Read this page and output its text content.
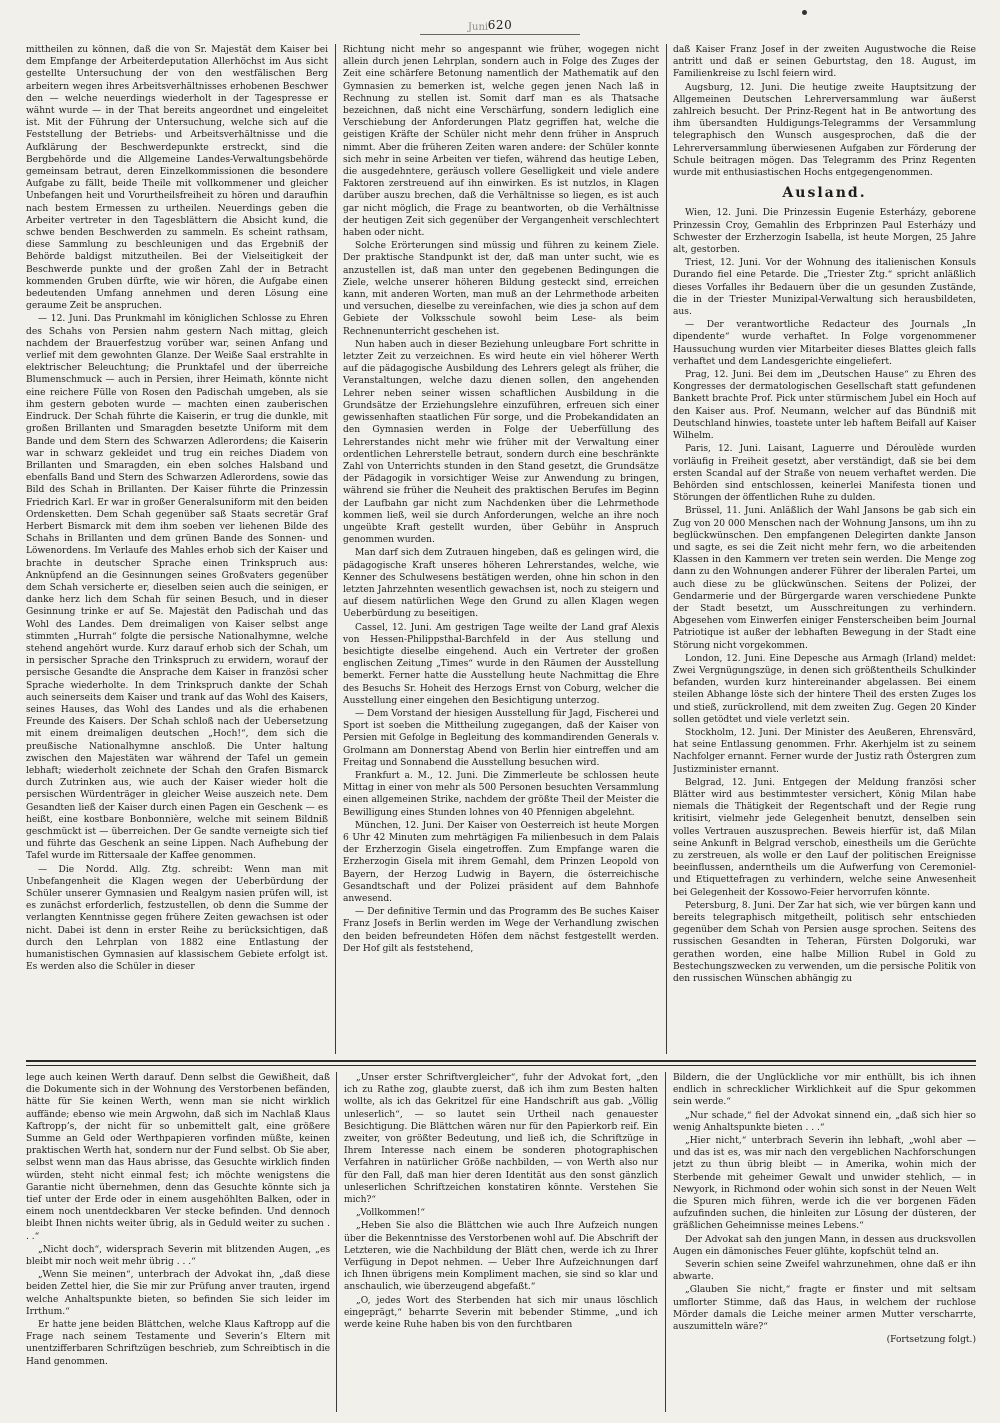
Juni 620

mittheilen zu können, daß die von Sr. Majestät dem Kaiser bei dem Empfange der Arbeiterdeputation Allerhöchst im Aus sicht gestellte Untersuchung der von den westfälischen Berg arbeitern wegen ihres Arbeitsverhältnisses erhobenen Beschwer den — welche neuerdings wiederholt in der Tagespresse er wähnt wurde — in der That bereits angeordnet und eingeleitet ist. Mit der Führung der Untersuchung, welche sich auf die Feststellung der Betriebs- und Arbeitsverhältnisse und die Aufklärung der Beschwerdepunkte erstreckt, sind die Bergbehörde und die Allgemeine Landes-Verwaltungsbehörde gemeinsam betraut, deren Einzelkommissionen die besondere Aufgabe zu fällt, beide Theile mit vollkommener und gleicher Unbefangen heit und Vorurtheilsfreiheit zu hören und daraufhin nach bestem Ermessen zu urtheilen. Neuerdings geben die Arbeiter vertreter in den Tagesblättern die Absicht kund, die schwe benden Beschwerden zu sammeln. Es scheint rathsam, diese Sammlung zu beschleunigen und das Ergebniß der Behörde baldigst mitzutheilen. Bei der Vielseitigkeit der Beschwerde punkte und der großen Zahl der in Betracht kommenden Gruben dürfte, wie wir hören, die Aufgabe einen bedeutenden Umfang annehmen und deren Lösung eine geraume Zeit be anspruchen.

— 12. Juni. Das Prunkmahl im königlichen Schlosse zu Ehren des Schahs von Persien nahm gestern Nach mittag, gleich nachdem der Brauerfestzug vorüber war, seinen Anfang und verlief mit dem gewohnten Glanze. Der Weiße Saal erstrahlte in elektrischer Beleuchtung; die Prunktafel und der überreiche Blumenschmuck — auch in Persien, ihrer Heimath, könnte nicht eine reichere Fülle von Rosen den Padischah umgeben, als sie ihm gestern geboten wurde — machten einen zauberischen Eindruck. Der Schah führte die Kaiserin, er trug die dunkle, mit großen Brillanten und Smaragden besetzte Uniform mit dem Bande und dem Stern des Schwarzen Adlerordens; die Kaiserin war in schwarz gekleidet und trug ein reiches Diadem von Brillanten und Smaragden, ein eben solches Halsband und ebenfalls Band und Stern des Schwarzen Adlerordens, sowie das Bild des Schah in Brillanten. Der Kaiser führte die Prinzessin Friedrich Karl. Er war in großer Generalsuniform mit den beiden Ordensketten. Dem Schah gegenüber saß Staats secretär Graf Herbert Bismarck mit dem ihm soeben ver liehenen Bilde des Schahs in Brillanten und dem grünen Bande des Sonnen- und Löwenordens. Im Verlaufe des Mahles erhob sich der Kaiser und brachte in deutscher Sprache einen Trinkspruch aus: Anknüpfend an die Gesinnungen seines Großvaters gegenüber dem Schah versicherte er, dieselben seien auch die seinigen, er danke herz lich dem Schah für seinen Besuch, und in dieser Gesinnung trinke er auf Se. Majestät den Padischah und das Wohl des Landes. Dem dreimaligen von Kaiser selbst ange stimmten „Hurrah“ folgte die persische Nationalhymne, welche stehend angehört wurde. Kurz darauf erhob sich der Schah, um in persischer Sprache den Trinkspruch zu erwidern, worauf der persische Gesandte die Ansprache dem Kaiser in französi scher Sprache wiederholte. In dem Trinkspruch dankte der Schah auch seinerseits dem Kaiser und trank auf das Wohl des Kaisers, seines Hauses, das Wohl des Landes und als die erhabenen Freunde des Kaisers. Der Schah schloß nach der Uebersetzung mit einem dreimaligen deutschen „Hoch!“, dem sich die preußische Nationalhymne anschloß. Die Unter haltung zwischen den Majestäten war während der Tafel un gemein lebhaft; wiederholt zeichnete der Schah den Grafen Bismarck durch Zutrinken aus, wie auch der Kaiser wieder holt die persischen Würdenträger in gleicher Weise auszeich nete. Dem Gesandten ließ der Kaiser durch einen Pagen ein Geschenk — es heißt, eine kostbare Bonbonnière, welche mit seinem Bildniß geschmückt ist — überreichen. Der Ge sandte verneigte sich tief und führte das Geschenk an seine Lippen. Nach Aufhebung der Tafel wurde im Rittersaale der Kaffee genommen.

— Die Nordd. Allg. Ztg. schreibt: Wenn man mit Unbefangenheit die Klagen wegen der Ueberbürdung der Schüler unserer Gymnasien und Realgym nasien prüfen will, ist es zunächst erforderlich, festzustellen, ob denn die Summe der verlangten Kenntnisse gegen frühere Zeiten gewachsen ist oder nicht. Dabei ist denn in erster Reihe zu berücksichtigen, daß durch den Lehrplan von 1882 eine Entlastung der humanistischen Gymnasien auf klassischem Gebiete erfolgt ist. Es werden also die Schüler in dieser

Richtung nicht mehr so angespannt wie früher, wogegen nicht allein durch jenen Lehrplan, sondern auch in Folge des Zuges der Zeit eine schärfere Betonung namentlich der Mathematik auf den Gymnasien zu bemerken ist, welche gegen jenen Nach laß in Rechnung zu stellen ist. Somit darf man es als Thatsache bezeichnen, daß nicht eine Verschärfung, sondern lediglich eine Verschiebung der Anforderungen Platz gegriffen hat, welche die geistigen Kräfte der Schüler nicht mehr denn früher in Anspruch nimmt. Aber die früheren Zeiten waren andere: der Schüler konnte sich mehr in seine Arbeiten ver tiefen, während das heutige Leben, die ausgedehntere, geräusch vollere Geselligkeit und viele andere Faktoren zerstreuend auf ihn einwirken. Es ist nutzlos, in Klagen darüber auszu brechen, daß die Verhältnisse so liegen, es ist auch gar nicht möglich, die Frage zu beantworten, ob die Verhältnisse der heutigen Zeit sich gegenüber der Vergangenheit verschlechtert haben oder nicht.

Solche Erörterungen sind müssig und führen zu keinem Ziele. Der praktische Standpunkt ist der, daß man unter sucht, wie es anzustellen ist, daß man unter den gegebenen Bedingungen die Ziele, welche unserer höheren Bildung gesteckt sind, erreichen kann, mit anderen Worten, man muß an der Lehrmethode arbeiten und versuchen, dieselbe zu vereinfachen, wie dies ja schon auf dem Gebiete der Volksschule sowohl beim Lese- als beim Rechnenunterricht geschehen ist.

Nun haben auch in dieser Beziehung unleugbare Fort schritte in letzter Zeit zu verzeichnen. Es wird heute ein viel höherer Werth auf die pädagogische Ausbildung des Lehrers gelegt als früher, die Veranstaltungen, welche dazu dienen sollen, den angehenden Lehrer neben seiner wissen schaftlichen Ausbildung in die Grundsätze der Erziehungslehre einzuführen, erfreuen sich einer gewissenhaften staatlichen Für sorge, und die Probekandidaten an den Gymnasien werden in Folge der Ueberfüllung des Lehrerstandes nicht mehr wie früher mit der Verwaltung einer ordentlichen Lehrerstelle betraut, sondern durch eine beschränkte Zahl von Unterrichts stunden in den Stand gesetzt, die Grundsätze der Pädagogik in vorsichtiger Weise zur Anwendung zu bringen, während sie früher die Neuheit des praktischen Berufes im Beginn der Laufbahn gar nicht zum Nachdenken über die Lehrmethode kommen ließ, weil sie durch Anforderungen, welche an ihre noch ungeübte Kraft gestellt wurden, über Gebühr in Anspruch genommen wurden.

Man darf sich dem Zutrauen hingeben, daß es gelingen wird, die pädagogische Kraft unseres höheren Lehrerstandes, welche, wie Kenner des Schulwesens bestätigen werden, ohne hin schon in den letzten Jahrzehnten wesentlich gewachsen ist, noch zu steigern und auf diesem natürlichen Wege den Grund zu allen Klagen wegen Ueberbürdung zu beseitigen.

Cassel, 12. Juni. Am gestrigen Tage weilte der Land graf Alexis von Hessen-Philippsthal-Barchfeld in der Aus stellung und besichtigte dieselbe eingehend. Auch ein Vertreter der großen englischen Zeitung „Times“ wurde in den Räumen der Ausstellung bemerkt. Ferner hatte die Ausstellung heute Nachmittag die Ehre des Besuchs Sr. Hoheit des Herzogs Ernst von Coburg, welcher die Ausstellung einer eingehen den Besichtigung unterzog.

— Dem Vorstand der hiesigen Ausstellung für Jagd, Fischerei und Sport ist soeben die Mittheilung zugegangen, daß der Kaiser von Persien mit Gefolge in Begleitung des kommandirenden Generals v. Grolmann am Donnerstag Abend von Berlin hier eintreffen und am Freitag und Sonnabend die Ausstellung besuchen wird.

Frankfurt a. M., 12. Juni. Die Zimmerleute be schlossen heute Mittag in einer von mehr als 500 Personen besuchten Versammlung einen allgemeinen Strike, nachdem der größte Theil der Meister die Bewilligung eines Stunden lohnes von 40 Pfennigen abgelehnt.

München, 12. Juni. Der Kaiser von Oesterreich ist heute Morgen 6 Uhr 42 Minuten zum mehrtägigen Fa milienbesuch in dem Palais der Erzherzogin Gisela eingetroffen. Zum Empfange waren die Erzherzogin Gisela mit ihrem Gemahl, dem Prinzen Leopold von Bayern, der Herzog Ludwig in Bayern, die österreichische Gesandtschaft und der Polizei präsident auf dem Bahnhofe anwesend.

— Der definitive Termin und das Programm des Be suches Kaiser Franz Josefs in Berlin werden im Wege der Verhandlung zwischen den beiden befreundeten Höfen dem nächst festgestellt werden. Der Hof gilt als feststehend,

daß Kaiser Franz Josef in der zweiten Augustwoche die Reise antritt und daß er seinen Geburtstag, den 18. August, im Familienkreise zu Ischl feiern wird.

Augsburg, 12. Juni. Die heutige zweite Hauptsitzung der Allgemeinen Deutschen Lehrerversammlung war äußerst zahlreich besucht. Der Prinz-Regent hat in Be antwortung des ihm übersandten Huldigungs-Telegramms der Versammlung telegraphisch den Wunsch ausgesprochen, daß die der Lehrerversammlung überwiesenen Aufgaben zur Förderung der Schule beitragen mögen. Das Telegramm des Prinz Regenten wurde mit enthusiastischen Hochs entgegengenommen.

Ausland.

Wien, 12. Juni. Die Prinzessin Eugenie Esterházy, geborene Prinzessin Croy, Gemahlin des Erbprinzen Paul Esterházy und Schwester der Erzherzogin Isabella, ist heute Morgen, 25 Jahre alt, gestorben.

Triest, 12. Juni. Vor der Wohnung des italienischen Konsuls Durando fiel eine Petarde. Die „Triester Ztg.“ spricht anläßlich dieses Vorfalles ihr Bedauern über die un gesunden Zustände, die in der Triester Munizipal-Verwaltung sich herausbildeten, aus.

— Der verantwortliche Redacteur des Journals „In dipendente“ wurde verhaftet. In Folge vorgenommener Haussuchung wurden vier Mitarbeiter dieses Blattes gleich falls verhaftet und dem Landesgerichte eingeliefert.

Prag, 12. Juni. Bei dem im „Deutschen Hause“ zu Ehren des Kongresses der dermatologischen Gesellschaft statt gefundenen Bankett brachte Prof. Pick unter stürmischem Jubel ein Hoch auf den Kaiser aus. Prof. Neumann, welcher auf das Bündniß mit Deutschland hinwies, toastete unter leb haftem Beifall auf Kaiser Wilhelm.

Paris, 12. Juni. Laisant, Laguerre und Déroulède wurden vorläufig in Freiheit gesetzt, aber verständigt, daß sie bei dem ersten Scandal auf der Straße von neuem verhaftet werden. Die Behörden sind entschlossen, keinerlei Manifesta tionen und Störungen der öffentlichen Ruhe zu dulden.

Brüssel, 11. Juni. Anläßlich der Wahl Jansons be gab sich ein Zug von 20 000 Menschen nach der Wohnung Jansons, um ihn zu beglückwünschen. Den empfangenen Delegirten dankte Janson und sagte, es sei die Zeit nicht mehr fern, wo die arbeitenden Klassen in den Kammern ver treten sein werden. Die Menge zog dann zu den Wohnungen anderer Führer der liberalen Partei, um auch diese zu be glückwünschen. Seitens der Polizei, der Gendarmerie und der Bürgergarde waren verschiedene Punkte der Stadt besetzt, um Ausschreitungen zu verhindern. Abgesehen vom Einwerfen einiger Fensterscheiben beim Journal Patriotique ist außer der lebhaften Bewegung in der Stadt eine Störung nicht vorgekommen.

London, 12. Juni. Eine Depesche aus Armagh (Irland) meldet: Zwei Vergnügungszüge, in denen sich größtentheils Schulkinder befanden, wurden kurz hintereinander abgelassen. Bei einem steilen Abhange löste sich der hintere Theil des ersten Zuges los und stieß, zurückrollend, mit dem zweiten Zug. Gegen 20 Kinder sollen getödtet und viele verletzt sein.

Stockholm, 12. Juni. Der Minister des Aeußeren, Ehrensvärd, hat seine Entlassung genommen. Frhr. Akerhjelm ist zu seinem Nachfolger ernannt. Ferner wurde der Justiz rath Östergren zum Justizminister ernannt.

Belgrad, 12. Juni. Entgegen der Meldung französi scher Blätter wird aus bestimmtester versichert, König Milan habe niemals die Thätigkeit der Regentschaft und der Regie rung kritisirt, vielmehr jede Gelegenheit benutzt, denselben sein volles Vertrauen auszusprechen. Beweis hierfür ist, daß Milan seine Ankunft in Belgrad verschob, einestheils um die Gerüchte zu zerstreuen, als wolle er den Lauf der politischen Ereignisse beeinflussen, anderntheils um die Aufwerfung von Ceremoniel- und Etiquettefragen zu verhindern, welche seine Anwesenheit bei Gelegenheit der Kossowo-Feier hervorrufen könnte.

Petersburg, 8. Juni. Der Zar hat sich, wie ver bürgen kann und bereits telegraphisch mitgetheilt, politisch sehr entschieden gegenüber dem Schah von Persien ausge sprochen. Seitens des russischen Gesandten in Teheran, Fürsten Dolgoruki, war gerathen worden, eine halbe Million Rubel in Gold zu Bestechungszwecken zu verwenden, um die persische Politik von den russischen Wünschen abhängig zu

lege auch keinen Werth darauf. Denn selbst die Gewißheit, daß die Dokumente sich in der Wohnung des Verstorbenen befänden, hätte für Sie keinen Werth, wenn man sie nicht wirklich auffände; ebenso wie mein Argwohn, daß sich im Nachlaß Klaus Kaftropp’s, der nicht für so unbemittelt galt, eine größere Summe an Geld oder Werthpapieren vorfinden müßte, keinen praktischen Werth hat, sondern nur der Fund selbst. Ob Sie aber, selbst wenn man das Haus abrisse, das Gesuchte wirklich finden würden, steht nicht einmal fest; ich möchte wenigstens die Garantie nicht übernehmen, denn das Gesuchte könnte sich ja tief unter der Erde oder in einem ausgehöhlten Balken, oder in einem noch unentdeckbaren Ver stecke befinden. Und dennoch bleibt Ihnen nichts weiter übrig, als in Geduld weiter zu suchen . . .“

„Nicht doch“, widersprach Severin mit blitzenden Augen, „es bleibt mir noch weit mehr übrig . . .“

„Wenn Sie meinen“, unterbrach der Advokat ihn, „daß diese beiden Zettel hier, die Sie mir zur Prüfung anver trauten, irgend welche Anhaltspunkte bieten, so befinden Sie sich leider im Irrthum.“

Er hatte jene beiden Blättchen, welche Klaus Kaftropp auf die Frage nach seinem Testamente und Severin’s Eltern mit unentzifferbaren Schriftzügen beschrieb, zum Schreibtisch in die Hand genommen.

„Unser erster Schriftvergleicher“, fuhr der Advokat fort, „den ich zu Rathe zog, glaubte zuerst, daß ich ihm zum Besten halten wollte, als ich das Gekritzel für eine Handschrift aus gab. „Völlig unleserlich“, — so lautet sein Urtheil nach genauester Besichtigung. Die Blättchen wären nur für den Papierkorb reif. Ein zweiter, von größter Bedeutung, und ließ ich, die Schriftzüge in Ihrem Interesse nach einem be sonderen photographischen Verfahren in natürlicher Größe nachbilden, — von Werth also nur für den Fall, daß man hier deren Identität aus den sonst gänzlich unleserlichen Schriftzeichen konstatiren könnte. Verstehen Sie mich?“

„Vollkommen!“

„Heben Sie also die Blättchen wie auch Ihre Aufzeich nungen über die Bekenntnisse des Verstorbenen wohl auf. Die Abschrift der Letzteren, wie die Nachbildung der Blätt chen, werde ich zu Ihrer Verfügung in Depot nehmen. — Ueber Ihre Aufzeichnungen darf ich Ihnen übrigens mein Kompliment machen, sie sind so klar und anschaulich, wie überzeugend abgefaßt.“

„O, jedes Wort des Sterbenden hat sich mir unaus löschlich eingeprägt,“ beharrte Severin mit bebender Stimme, „und ich werde keine Ruhe haben bis von den furchtbaren

Bildern, die der Unglückliche vor mir enthüllt, bis ich ihnen endlich in schrecklicher Wirklichkeit auf die Spur gekommen sein werde.“

„Nur schade,“ fiel der Advokat sinnend ein, „daß sich hier so wenig Anhaltspunkte bieten . . .“

„Hier nicht,“ unterbrach Severin ihn lebhaft, „wohl aber — und das ist es, was mir nach den vergeblichen Nachforschungen jetzt zu thun übrig bleibt — in Amerika, wohin mich der Sterbende mit geheimer Gewalt und unwider stehlich, — in Newyork, in Richmond oder wohin sich sonst in der Neuen Welt die Spuren mich führen, werde ich die ver borgenen Fäden aufzufinden suchen, die hinleiten zur Lösung der düsteren, der gräßlichen Geheimnisse meines Lebens.“

Der Advokat sah den jungen Mann, in dessen aus drucksvollen Augen ein dämonisches Feuer glühte, kopfschüt telnd an.

Severin schien seine Zweifel wahrzunehmen, ohne daß er ihn abwarte.

„Glauben Sie nicht,“ fragte er finster und mit seltsam umflorter Stimme, daß das Haus, in welchem der ruchlose Mörder damals die Leiche meiner armen Mutter verscharrte, auszumitteln wäre?“

(Fortsetzung folgt.)
